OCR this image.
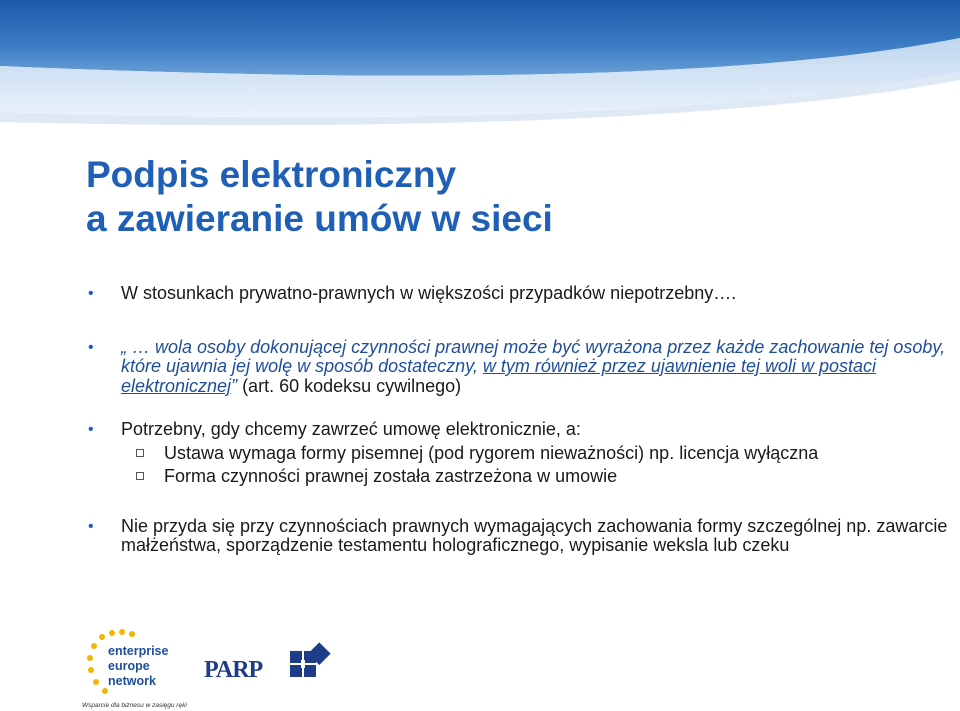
Podpis elektroniczny
a zawieranie umów w sieci
• W stosunkach prywatno-prawnych w większości przypadków niepotrzebny….
• „ … wola osoby dokonującej czynności prawnej może być wyrażona przez każde zachowanie tej osoby, które ujawnia jej wolę w sposób dostateczny, w tym również przez ujawnienie tej woli w postaci elektronicznej” (art. 60 kodeksu cywilnego)
• Potrzebny, gdy chcemy zawrzeć umowę elektronicznie, a:
Ustawa wymaga formy pisemnej (pod rygorem nieważności) np. licencja wyłączna
Forma czynności prawnej została zastrzeżona w umowie
• Nie przyda się przy czynnościach prawnych wymagających zachowania formy szczególnej np. zawarcie małżeństwa, sporządzenie testamentu holograficznego, wypisanie weksla lub czeku
enterprise
europe
network
Wsparcie dla biznesu w zasięgu ręki
PARP
